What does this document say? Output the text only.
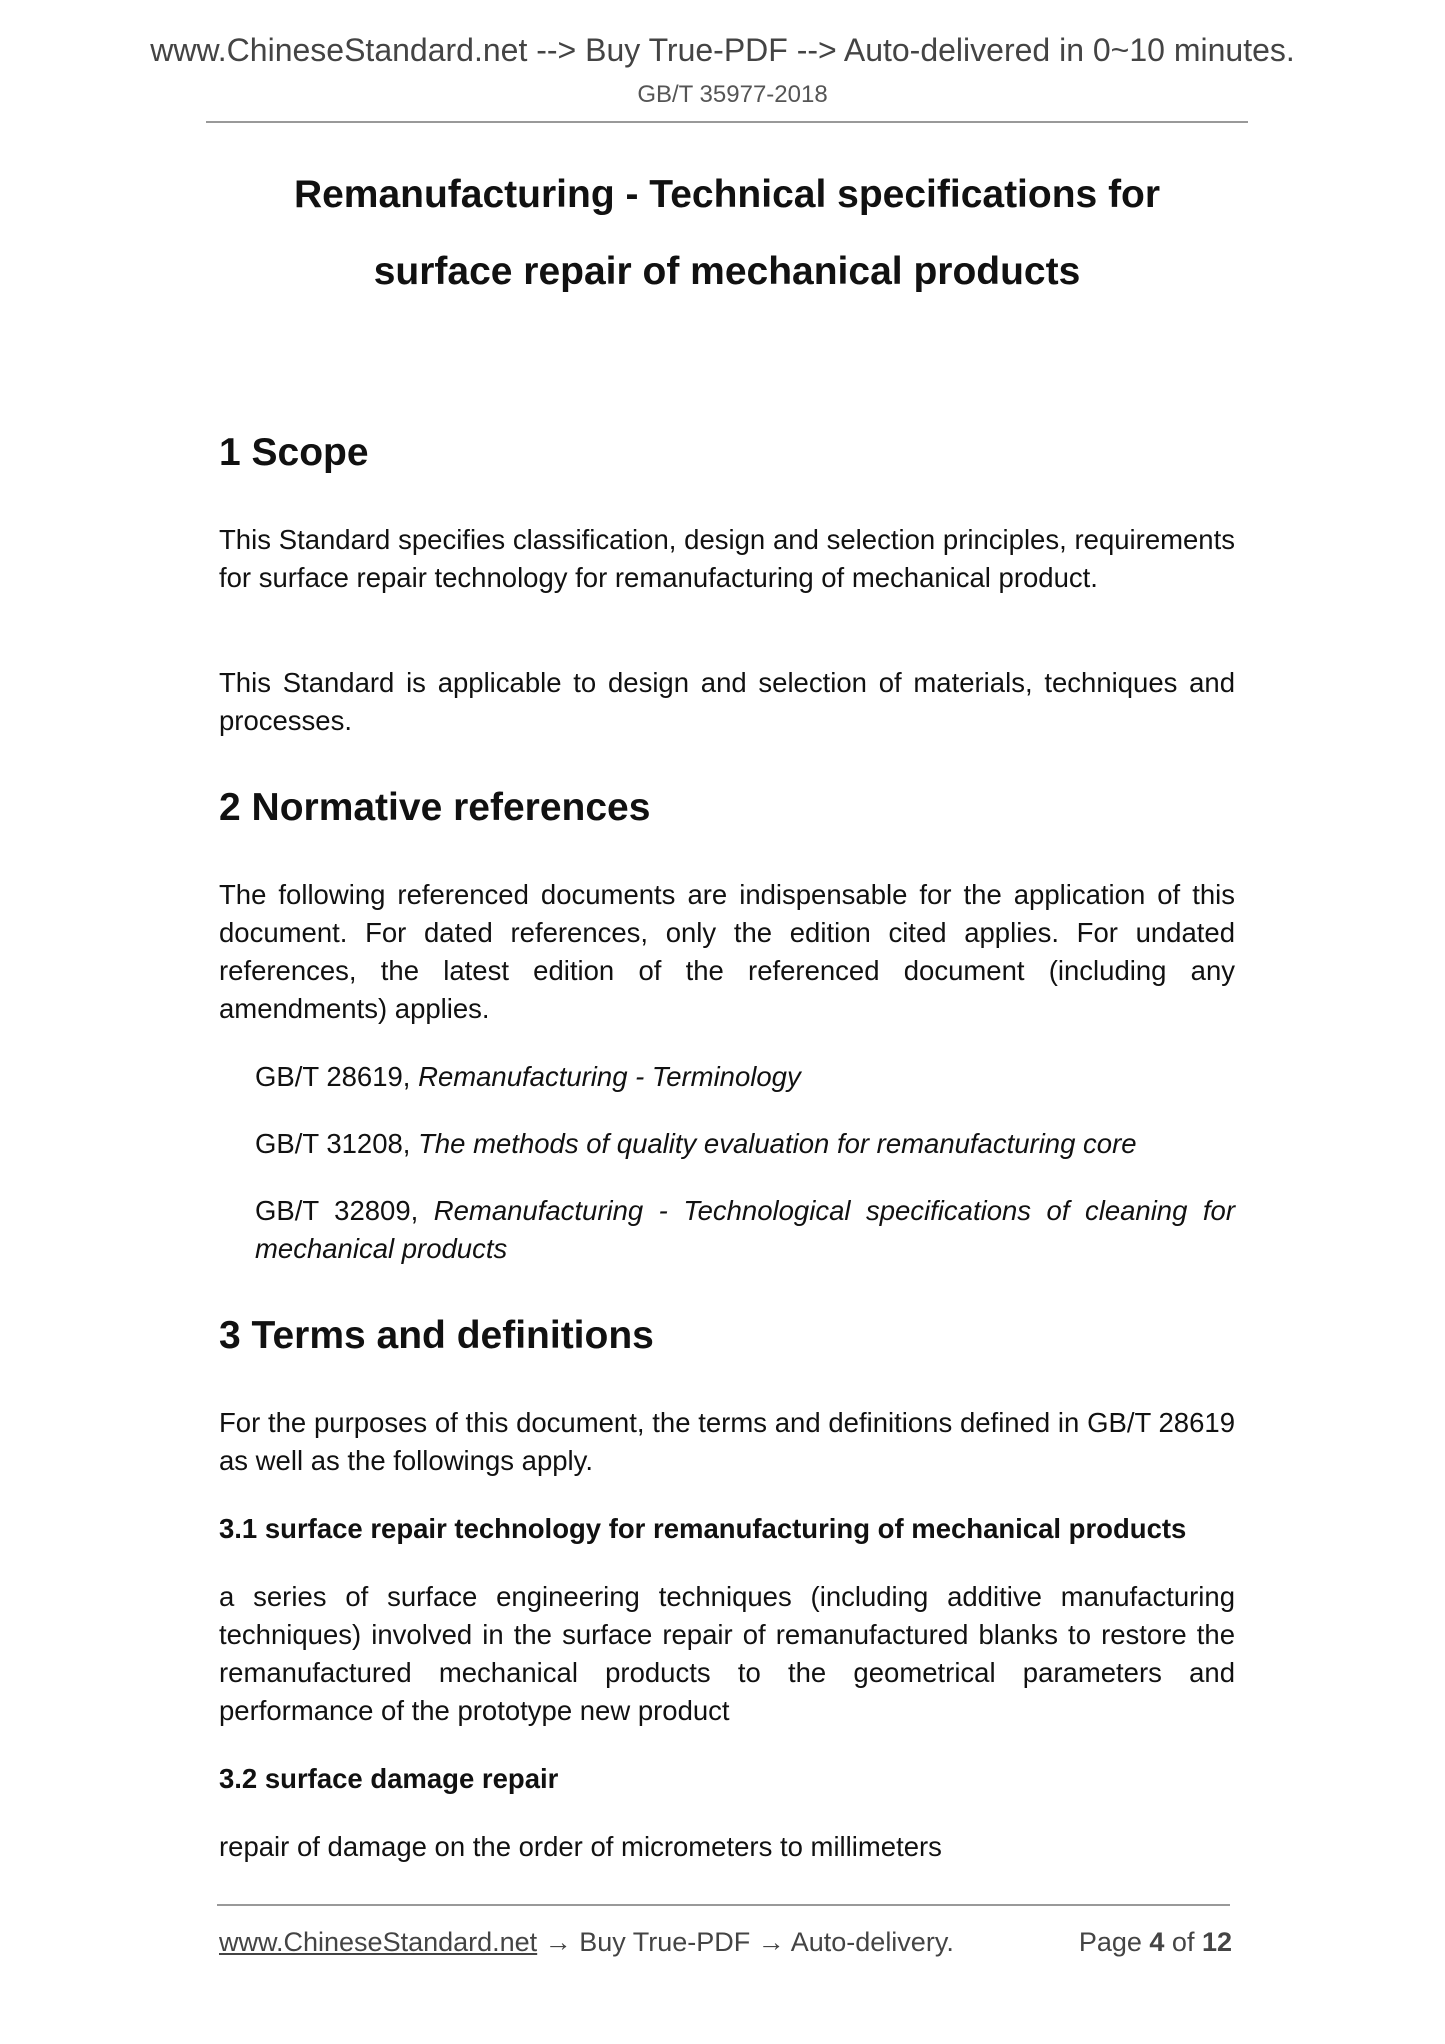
www.ChineseStandard.net --> Buy True-PDF --> Auto-delivered in 0~10 minutes.
GB/T 35977-2018
Remanufacturing - Technical specifications for
surface repair of mechanical products
1 Scope
This Standard specifies classification, design and selection principles, requirements for surface repair technology for remanufacturing of mechanical product.
This Standard is applicable to design and selection of materials, techniques and processes.
2 Normative references
The following referenced documents are indispensable for the application of this document. For dated references, only the edition cited applies. For undated references, the latest edition of the referenced document (including any amendments) applies.
GB/T 28619, Remanufacturing - Terminology
GB/T 31208, The methods of quality evaluation for remanufacturing core
GB/T 32809, Remanufacturing - Technological specifications of cleaning for mechanical products
3 Terms and definitions
For the purposes of this document, the terms and definitions defined in GB/T 28619 as well as the followings apply.
3.1 surface repair technology for remanufacturing of mechanical products
a series of surface engineering techniques (including additive manufacturing techniques) involved in the surface repair of remanufactured blanks to restore the remanufactured mechanical products to the geometrical parameters and performance of the prototype new product
3.2 surface damage repair
repair of damage on the order of micrometers to millimeters
www.ChineseStandard.net → Buy True-PDF → Auto-delivery.	Page 4 of 12
